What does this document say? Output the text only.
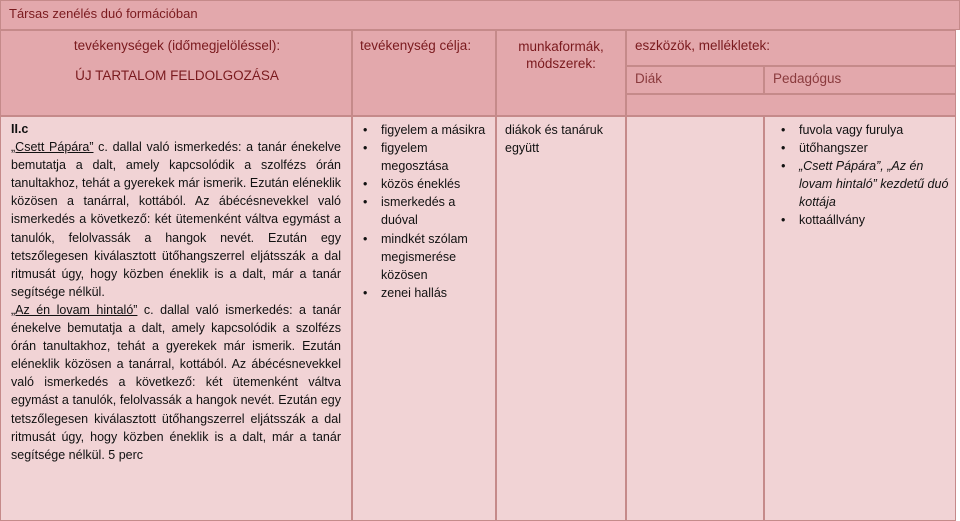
Társas zenélés duó formációban
tevékenységek (időmegjelöléssel):
ÚJ TARTALOM FELDOLGOZÁSA
tevékenység célja:	munkaformák, módszerek:
eszközök, mellékletek:
Diák	Pedagógus
II.c
„Csett Pápára” c. dallal való ismerkedés: a tanár énekelve bemutatja a dalt, amely kapcsolódik a szolfézs órán tanultakhoz, tehát a gyerekek már ismerik. Ezután eléneklik közösen a tanárral, kottából. Az ábécésnevekkel való ismerkedés a következő: két ütemenként váltva egymást a tanulók, felolvassák a hangok nevét. Ezután egy tetszőlegesen kiválasztott ütőhangszerrel eljátsszák a dal ritmusát úgy, hogy közben éneklik is a dalt, már a tanár segítsége nélkül.
„Az én lovam hintaló” c. dallal való ismerkedés: a tanár énekelve bemutatja a dalt, amely kapcsolódik a szolfézs órán tanultakhoz, tehát a gyerekek már ismerik. Ezután eléneklik közösen a tanárral, kottából. Az ábécésnevekkel való ismerkedés a következő: két ütemenként váltva egymást a tanulók, felolvassák a hangok nevét. Ezután egy tetszőlegesen kiválasztott ütőhangszerrel eljátsszák a dal ritmusát úgy, hogy közben éneklik is a dalt, már a tanár segítsége nélkül. 5 perc
• figyelem a másikra
• figyelem megosztása
• közös éneklés
• ismerkedés a duóval
• mindkét szólam megismerése közösen
• zenei hallás
diákok és tanáruk együtt
• fuvola vagy furulya
• ütőhangszer
• „Csett Pápára”, „Az én lovam hintaló” kezdetű duó kottája
• kottaállvány
